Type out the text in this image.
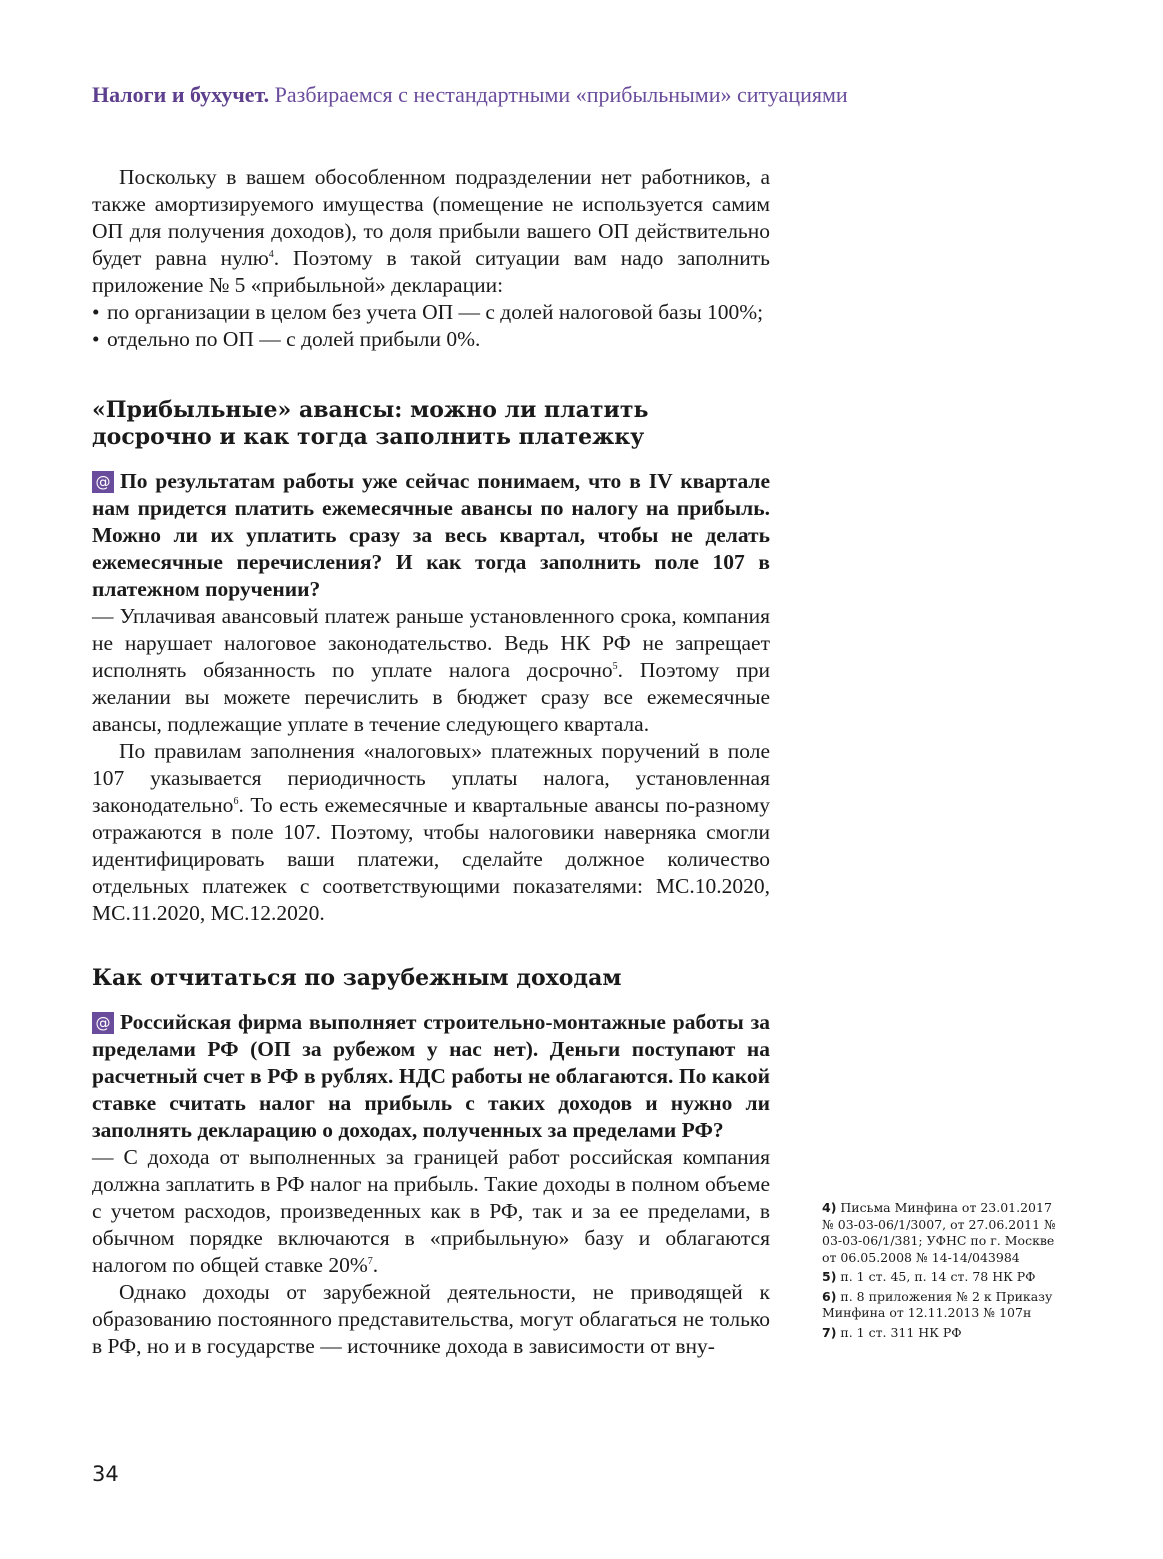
Налоги и бухучет. Разбираемся с нестандартными «прибыльными» ситуациями

Поскольку в вашем обособленном подразделении нет работников, а также амортизируемого имущества (помещение не используется самим ОП для получения доходов), то доля прибыли вашего ОП действительно будет равна нулю$^4$. Поэтому в такой ситуации вам надо заполнить приложение № 5 «прибыльной» декларации:

• по организации в целом без учета ОП — с долей налоговой базы 100%;
• отдельно по ОП — с долей прибыли 0%.
«Прибыльные» авансы: можно ли платить
досрочно и как тогда заполнить платежку

@ По результатам работы уже сейчас понимаем, что в IV квартале нам придется платить ежемесячные авансы по налогу на прибыль. Можно ли их уплатить сразу за весь квартал, чтобы не делать ежемесячные перечисления? И как тогда заполнить поле 107 в платежном поручении?

— Уплачивая авансовый платеж раньше установленного срока, компания не нарушает налоговое законодательство. Ведь НК РФ не запрещает исполнять обязанность по уплате налога досрочно$^5$. Поэтому при желании вы можете перечислить в бюджет сразу все ежемесячные авансы, подлежащие уплате в течение следующего квартала.

По правилам заполнения «налоговых» платежных поручений в поле 107 указывается периодичность уплаты налога, установленная законодательно$^6$. То есть ежемесячные и квартальные авансы по-разному отражаются в поле 107. Поэтому, чтобы налоговики наверняка смогли идентифицировать ваши платежи, сделайте должное количество отдельных платежек с соответствующими показателями: МС.10.2020, МС.11.2020, МС.12.2020.

Как отчитаться по зарубежным доходам

@ Российская фирма выполняет строительно-монтажные работы за пределами РФ (ОП за рубежом у нас нет). Деньги поступают на расчетный счет в РФ в рублях. НДС работы не облагаются. По какой ставке считать налог на прибыль с таких доходов и нужно ли заполнять декларацию о доходах, полученных за пределами РФ?

— С дохода от выполненных за границей работ российская компания должна заплатить в РФ налог на прибыль. Такие доходы в полном объеме с учетом расходов, произведенных как в РФ, так и за ее пределами, в обычном порядке включаются в «прибыльную» базу и облагаются налогом по общей ставке 20%$^7$.

Однако доходы от зарубежной деятельности, не приводящей к образованию постоянного представительства, могут облагаться не только в РФ, но и в государстве — источнике дохода в зависимости от вну-

4) Письма Минфина от 23.01.2017 № 03-03-06/1/3007, от 27.06.2011 № 03-03-06/1/381; УФНС по г. Москве от 06.05.2008 № 14-14/043984
5) п. 1 ст. 45, п. 14 ст. 78 НК РФ
6) п. 8 приложения № 2 к Приказу Минфина от 12.11.2013 № 107н
7) п. 1 ст. 311 НК РФ
34
